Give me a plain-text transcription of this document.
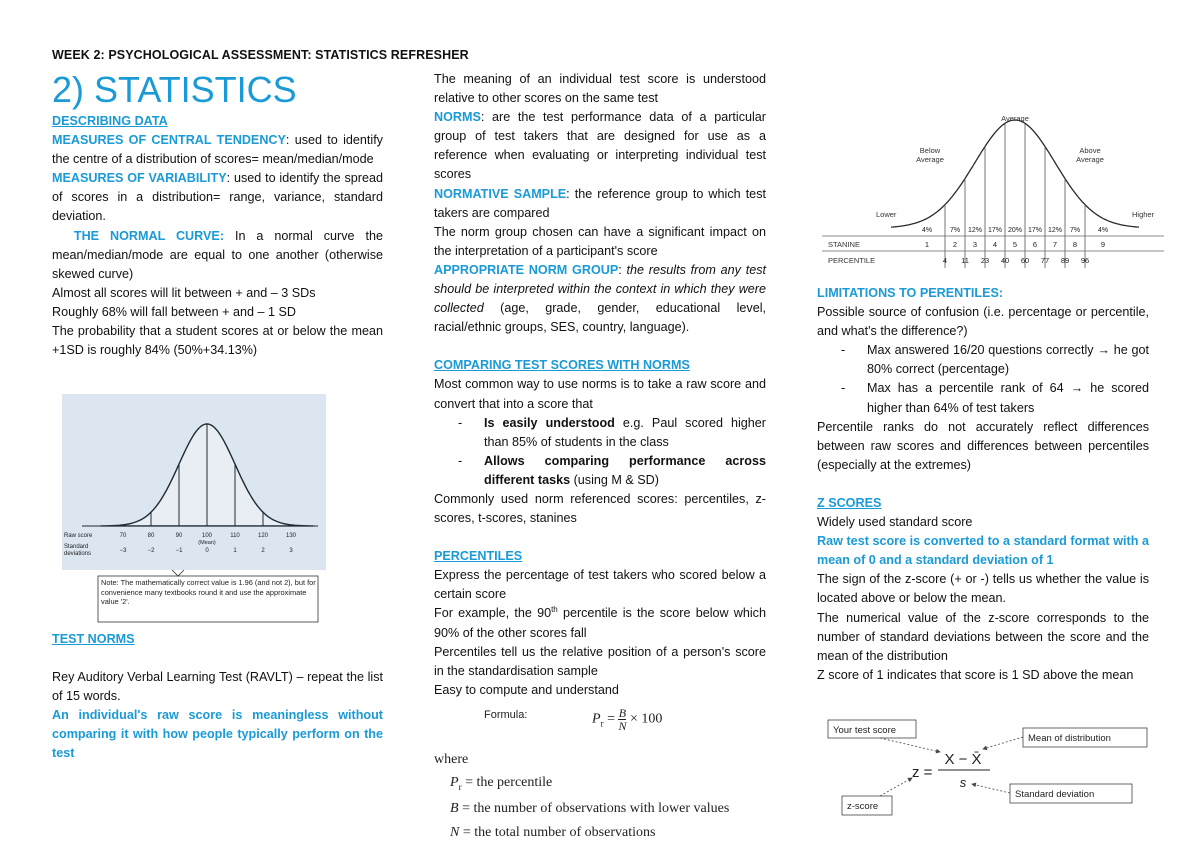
WEEK 2: PSYCHOLOGICAL ASSESSMENT: STATISTICS REFRESHER
2) STATISTICS
DESCRIBING DATA
MEASURES OF CENTRAL TENDENCY: used to identify the centre of a distribution of scores= mean/median/mode
MEASURES OF VARIABILITY: used to identify the spread of scores in a distribution= range, variance, standard deviation.
THE NORMAL CURVE: In a normal curve the mean/median/mode are equal to one another (otherwise skewed curve)
Almost all scores will lit between + and – 3 SDs
Roughly 68% will fall between + and – 1 SD
The probability that a student scores at or below the mean +1SD is roughly 84% (50%+34.13%)
Raw score
Standard
deviations
70
−3
80
−2
90
−1
100
0
110
1
120
2
130
3
(Mean)
Note: The mathematically correct value is 1.96 (and not 2), but for convenience many textbooks round it and use the approximate value '2'.
TEST NORMS
Rey Auditory Verbal Learning Test (RAVLT) – repeat the list of 15 words.
An individual's raw score is meaningless without comparing it with how people typically perform on the test
The meaning of an individual test score is understood relative to other scores on the same test
NORMS: are the test performance data of a particular group of test takers that are designed for use as a reference when evaluating or interpreting individual test scores
NORMATIVE SAMPLE: the reference group to which test takers are compared
The norm group chosen can have a significant impact on the interpretation of a participant's score
APPROPRIATE NORM GROUP: the results from any test should be interpreted within the context in which they were collected (age, grade, gender, educational level, racial/ethnic groups, SES, country, language).
COMPARING TEST SCORES WITH NORMS
Most common way to use norms is to take a raw score and convert that into a score that
- Is easily understood e.g. Paul scored higher than 85% of students in the class
- Allows comparing performance across different tasks (using M & SD)
Commonly used norm referenced scores: percentiles, z-scores, t-scores, stanines
PERCENTILES
Express the percentage of test takers who scored below a certain score
For example, the 90th percentile is the score below which 90% of the other scores fall
Percentiles tell us the relative position of a person's score in the standardisation sample
Easy to compute and understand
Formula:	$P_r = \frac{B}{N} \times 100$
where
$P_r$ = the percentile
B = the number of observations with lower values
N = the total number of observations
Average
Below
Average
Above
Average
Lower	Higher
STANINE
PERCENTILE
4%	7% 12% 17% 20% 17% 12% 7%	4%
1	2 3 4 5 6 7 8	9
4 11 23 40 60 77 89 96
LIMITATIONS TO PERENTILES:
Possible source of confusion (i.e. percentage or percentile, and what's the difference?)
- Max answered 16/20 questions correctly → he got 80% correct (percentage)
- Max has a percentile rank of 64 → he scored higher than 64% of test takers
Percentile ranks do not accurately reflect differences between raw scores and differences between percentiles (especially at the extremes)
Z SCORES
Widely used standard score
Raw test score is converted to a standard format with a mean of 0 and a standard deviation of 1
The sign of the z-score (+ or -) tells us whether the value is located above or below the mean.
The numerical value of the z-score corresponds to the number of standard deviations between the score and the mean of the distribution
Z score of 1 indicates that score is 1 SD above the mean
Your test score
Mean of distribution
Standard deviation
z-score
z =
X − X̄
s
